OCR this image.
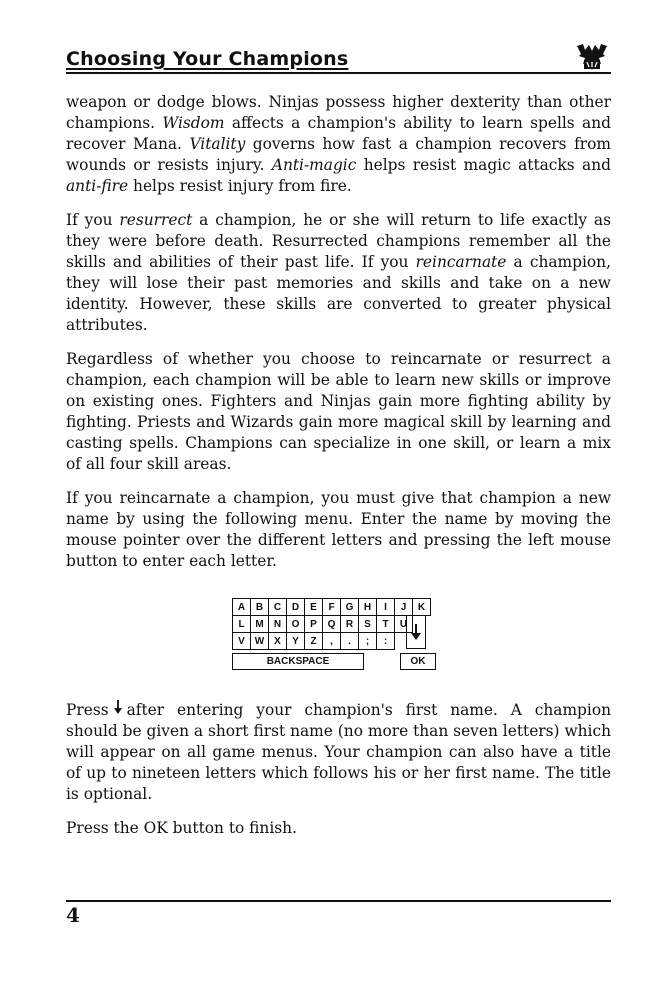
Choosing Your Champions

weapon or dodge blows. Ninjas possess higher dexterity than other champions. Wisdom affects a champion's ability to learn spells and recover Mana. Vitality governs how fast a champion recovers from wounds or resists injury. Anti-magic helps resist magic attacks and anti-fire helps resist injury from fire.

If you resurrect a champion, he or she will return to life exactly as they were before death. Resurrected champions remember all the skills and abilities of their past life. If you reincarnate a champion, they will lose their past memories and skills and take on a new identity. However, these skills are converted to greater physical attributes.

Regardless of whether you choose to reincarnate or resurrect a champion, each champion will be able to learn new skills or improve on existing ones. Fighters and Ninjas gain more fighting ability by fighting. Priests and Wizards gain more magical skill by learning and casting spells. Champions can specialize in one skill, or learn a mix of all four skill areas.

If you reincarnate a champion, you must give that champion a new name by using the following menu. Enter the name by moving the mouse pointer over the different letters and pressing the left mouse button to enter each letter.

A	B	C	D	E	F	G	H	I	J	K
L	M	N	O	P	Q	R	S	T	U
V W X	Y	Z	,	.	;	:
BACKSPACE	OK

Press after entering your champion's first name. A champion should be given a short first name (no more than seven letters) which will appear on all game menus. Your champion can also have a title of up to nineteen letters which follows his or her first name. The title is optional.

Press the OK button to finish.

4
